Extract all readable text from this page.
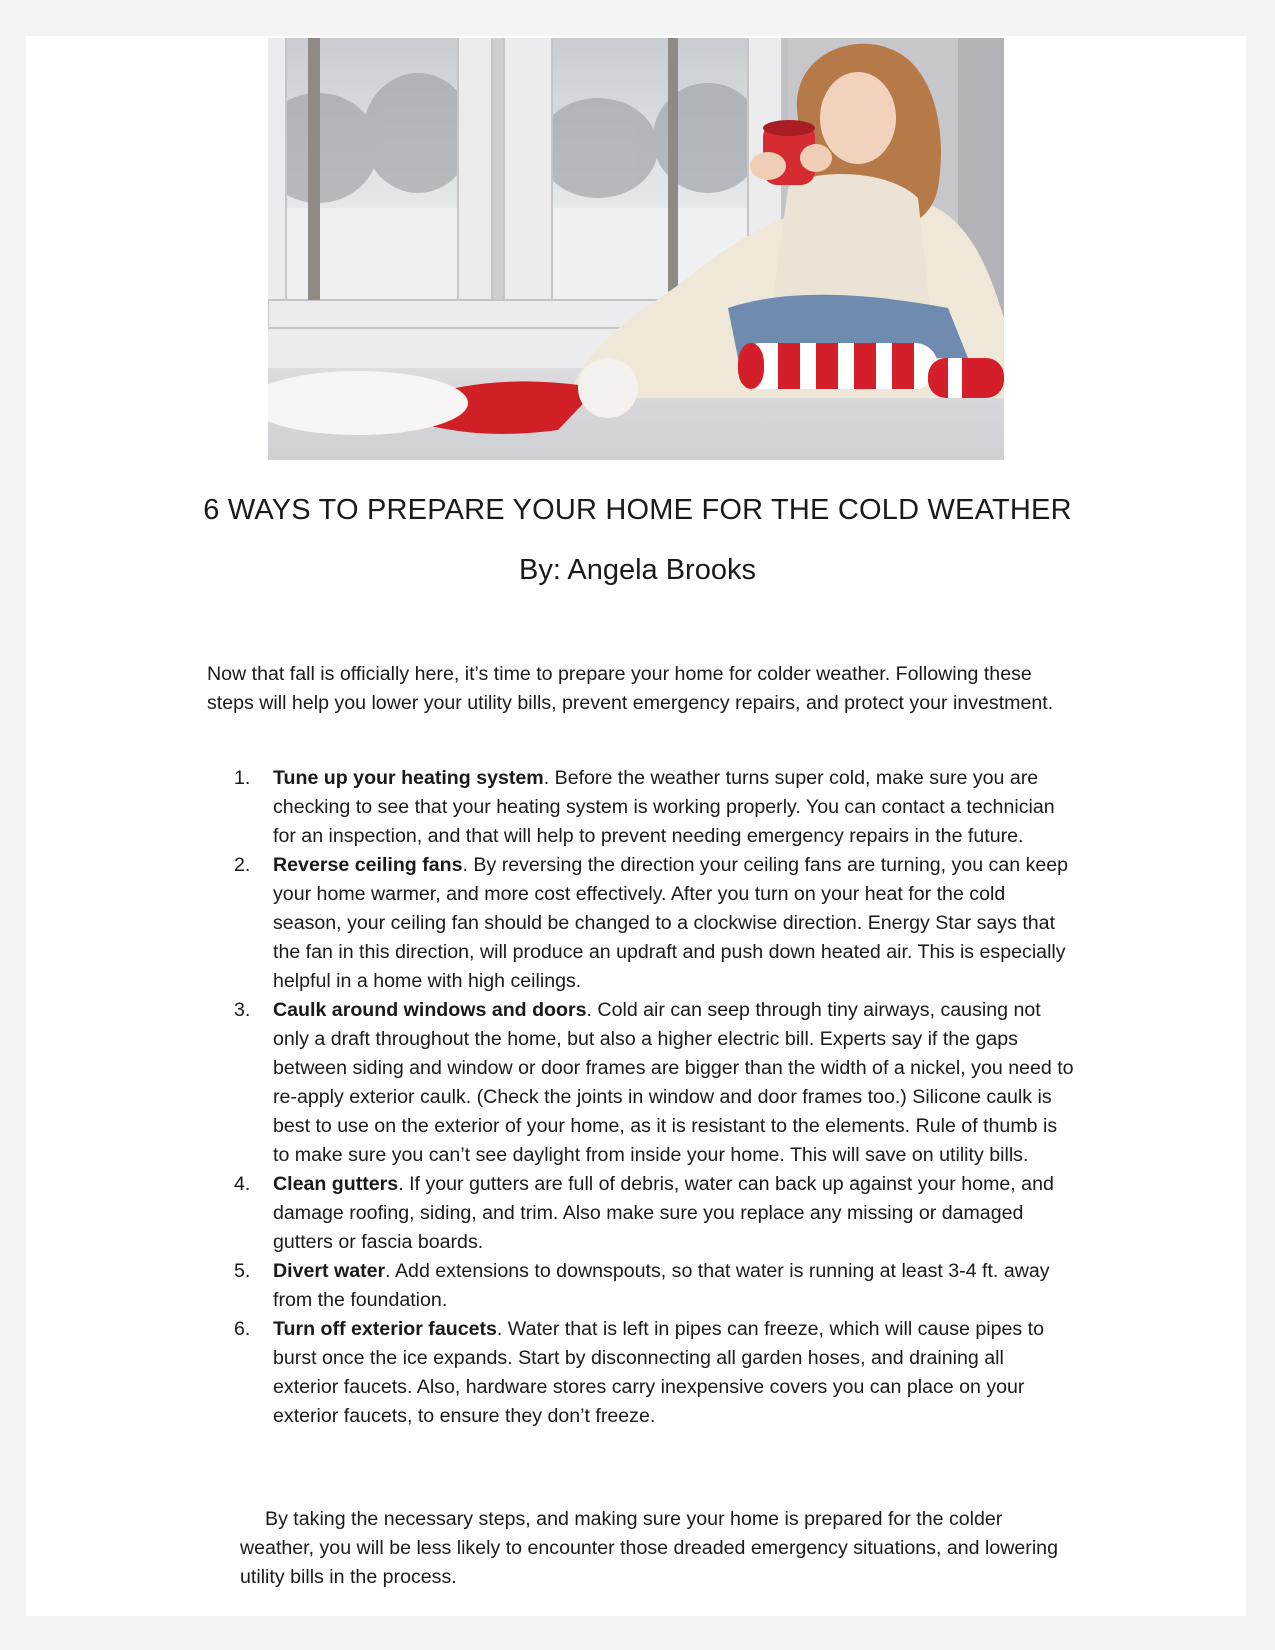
6 WAYS TO PREPARE YOUR HOME FOR THE COLD WEATHER
By: Angela Brooks

Now that fall is officially here, it’s time to prepare your home for colder weather. Following these steps will help you lower your utility bills, prevent emergency repairs, and protect your investment.

1. Tune up your heating system. Before the weather turns super cold, make sure you are checking to see that your heating system is working properly. You can contact a technician for an inspection, and that will help to prevent needing emergency repairs in the future.
2. Reverse ceiling fans. By reversing the direction your ceiling fans are turning, you can keep your home warmer, and more cost effectively. After you turn on your heat for the cold season, your ceiling fan should be changed to a clockwise direction. Energy Star says that the fan in this direction, will produce an updraft and push down heated air. This is especially helpful in a home with high ceilings.
3. Caulk around windows and doors. Cold air can seep through tiny airways, causing not only a draft throughout the home, but also a higher electric bill. Experts say if the gaps between siding and window or door frames are bigger than the width of a nickel, you need to re-apply exterior caulk. (Check the joints in window and door frames too.) Silicone caulk is best to use on the exterior of your home, as it is resistant to the elements. Rule of thumb is to make sure you can’t see daylight from inside your home. This will save on utility bills.
4. Clean gutters. If your gutters are full of debris, water can back up against your home, and damage roofing, siding, and trim. Also make sure you replace any missing or damaged gutters or fascia boards.
5. Divert water. Add extensions to downspouts, so that water is running at least 3-4 ft. away from the foundation.
6. Turn off exterior faucets. Water that is left in pipes can freeze, which will cause pipes to burst once the ice expands. Start by disconnecting all garden hoses, and draining all exterior faucets. Also, hardware stores carry inexpensive covers you can place on your exterior faucets, to ensure they don’t freeze.

By taking the necessary steps, and making sure your home is prepared for the colder weather, you will be less likely to encounter those dreaded emergency situations, and lowering utility bills in the process.
